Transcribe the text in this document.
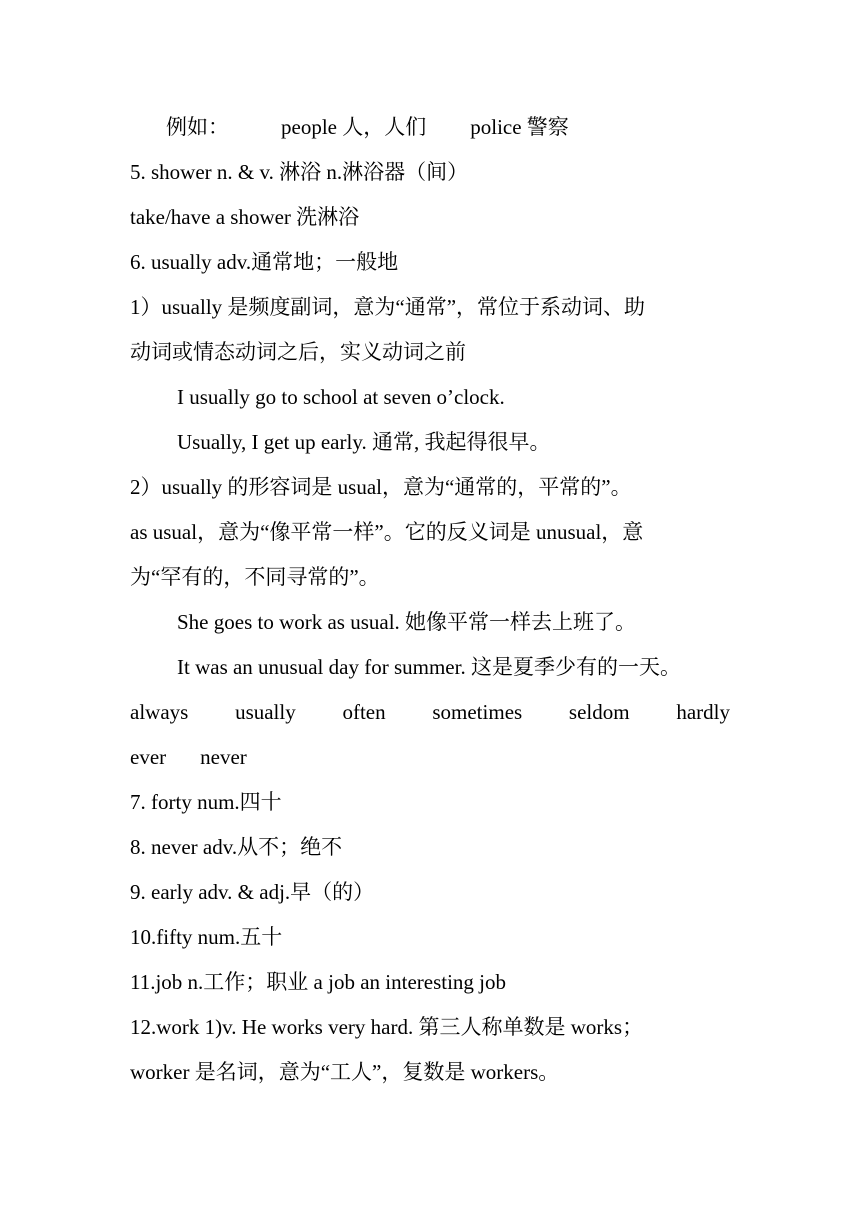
例如： people 人，人们 police 警察
5. shower n. & v. 淋浴 n.淋浴器（间）
take/have a shower 洗淋浴
6. usually adv.通常地；一般地
1）usually 是频度副词，意为“通常”，常位于系动词、助
动词或情态动词之后，实义动词之前
I usually go to school at seven o’clock.
Usually, I get up early. 通常, 我起得很早。
2）usually 的形容词是 usual，意为“通常的，平常的”。
as usual，意为“像平常一样”。它的反义词是 unusual，意
为“罕有的，不同寻常的”。
She goes to work as usual. 她像平常一样去上班了。
It was an unusual day for summer. 这是夏季少有的一天。
always usually often sometimes seldom hardly
ever never
7. forty num.四十
8. never adv.从不；绝不
9. early adv. & adj.早（的）
10.fifty num.五十
11.job n.工作；职业 a job an interesting job
12.work 1)v. He works very hard. 第三人称单数是 works；
worker 是名词，意为“工人”，复数是 workers。
